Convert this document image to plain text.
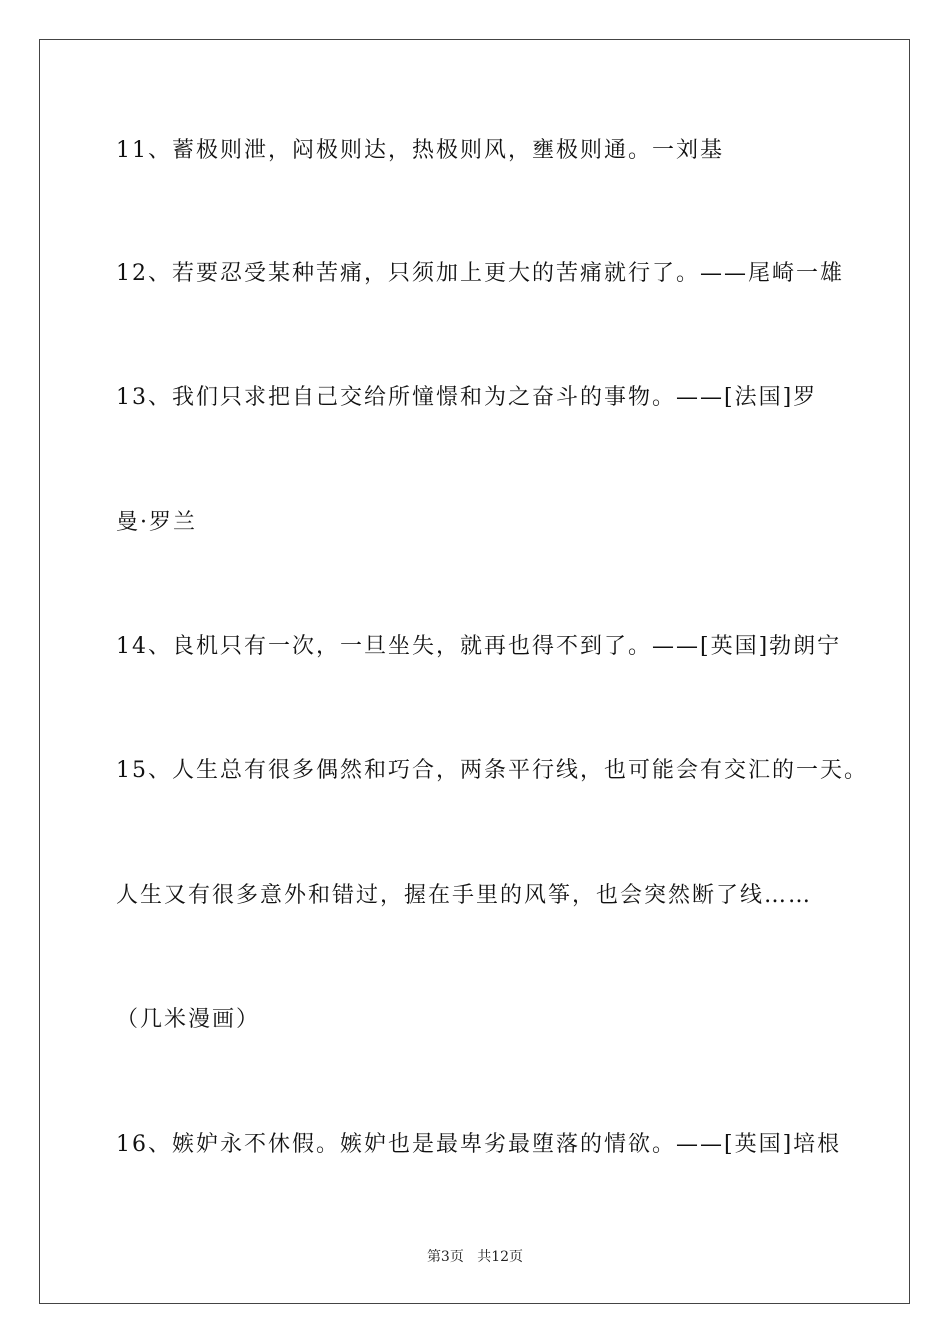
11、蓄极则泄，闷极则达，热极则风，壅极则通。一刘基
12、若要忍受某种苦痛，只须加上更大的苦痛就行了。——尾崎一雄
13、我们只求把自己交给所憧憬和为之奋斗的事物。——[法国]罗
曼·罗兰
14、良机只有一次，一旦坐失，就再也得不到了。——[英国]勃朗宁
15、人生总有很多偶然和巧合，两条平行线，也可能会有交汇的一天。
人生又有很多意外和错过，握在手里的风筝，也会突然断了线……
（几米漫画）
16、嫉妒永不休假。嫉妒也是最卑劣最堕落的情欲。——[英国]培根
第3页 共12页
